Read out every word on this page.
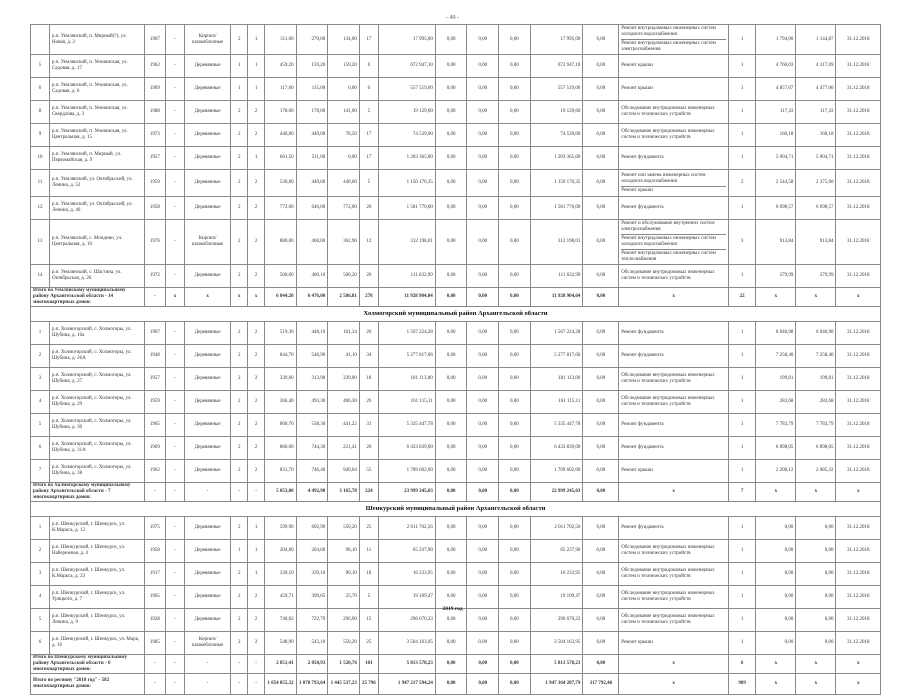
- 49 -
	р.п. Уемлянский, п. Мирный(?), ул. Новая, д. 2	1967	-	Кирпич/шлакоблочные	2	1	311,00	270,00	134,00	17	17 995,00	0,00	0,00	0,00	17 995,00	0,00	Ремонт внутридомовых инженерных систем холодного водоснабжения
Ремонт внутридомовых инженерных систем электроснабжения	1	1 794,00	1 144,87	31.12.2018
5	р.п. Уемлянский, п. Уемлянская, ул. Садовая, д. 17	1962	-	Деревянные	1	1	459,20	159,20	159,20	6	672 947,10	0,00	0,00	0,00	672 947,10	0,00	Ремонт крыши	1	4 760,03	4 317,69	31.12.2018
6	р.п. Уемлянский, п. Уемлянская, ул. Садовая, д. 6	1969	-	Деревянные	1	1	117,60	115,00	0,00	6	557 519,00	0,00	0,00	0,00	557 519,00	0,00	Ремонт крыши	1	4 857,67	4 477,00	31.12.2018
8	р.п. Уемлянский, п. Уемлянская, ул. Свердлова, д. 3	1988	-	Деревянные	2	2	178,00	178,00	141,00	5	19 129,60	0,00	0,00	0,00	19 129,60	0,00	Обследование внутридомовых инженерных систем и технических устройств	1	117,43	117,43	31.12.2018
9	р.п. Уемлянский, п. Уемлянская, ул. Центральная, д. 15	1973	-	Деревянные	2	2	440,00	440,00	78,50	17	74 539,00	0,00	0,00	0,00	74 539,00	0,00	Обследование внутридомовых инженерных систем и технических устройств	1	160,18	160,18	31.12.2018
10	р.п. Уемлянский, п. Мирный, ул. Первомайская, д. 9	1957	-	Деревянные	2	1	661,50	511,00	0,00	17	1 203 365,00	0,00	0,00	0,00	1 203 365,00	0,00	Ремонт фундамента	1	5 004,71	5 004,71	31.12.2018
11	р.п. Уемлянский, ул. Октябрьский, ул. Ленина, д. 52	1959	-	Деревянные	2	2	530,60	440,60	440,60	5	1 150 176,35	0,00	0,00	0,00	1 150 176,35	0,00	Ремонт или замена инженерных систем холодного водоснабжения
Ремонт крыши	2	2 544,58	2 375,60	31.12.2018
12	р.п. Уемлянский, ул. Октябрьский, ул. Ленина, д. 46	1958	-	Деревянные	2	2	772,00	646,00	772,00	20	1 581 770,00	0,00	0,00	0,00	1 581 770,00	0,00	Ремонт фундамента	1	6 698,57	6 698,57	31.12.2018
13	р.п. Уемлянский, с. Мондино, ул. Центральная, д. 10	1976	-	Кирпич/шлакоблочные	2	2	880,00	460,00	362,90	12	312 198,01	0,00	0,00	0,00	312 198,01	0,00	Ремонт и обслуживание внутренних систем электроснабжения
Ремонт внутридомовых инженерных систем холодного водоснабжения
Ремонт внутридомовых инженерных систем теплоснабжения	3	913,84	913,84	31.12.2018
14	р.п. Уемлянский, с. Шастина, ул. Октябрьская, д. 26	1972	-	Деревянные	2	2	500,00	400,10	500,20	26	111 632,99	0,00	0,00	0,00	111 632,99	0,00	Обследование внутридомовых инженерных систем и технических устройств	1	279,99	279,99	31.12.2018
Итого по Уемлянскому муниципальному району Архангельской области - 14 многоквартирных домов:		-	х	х	х	х	6 844,20	6 476,00	2 586,81	278	11 928 904,04	0,00	0,00	0,00	11 928 904,04	0,00	х	22	х	х	х
Холмогорский муниципальный район Архангельской области																					
1	р.п. Холмогорский, с. Холмогоры, ул. Шубина, д. 10а	1967	-	Деревянные	2	2	519,30	448,10	101,34	20	1 567 224,28	0,00	0,00	0,00	1 567 224,28	0,00	Ремонт фундамента	1	6 046,98	6 046,98	31.12.2018
2	р.п. Холмогорский, с. Холмогоры, ул. Шубина, д. 26А	1948	-	Деревянные	2	2	844,70	548,90	41,10	34	5 277 817,06	0,00	0,00	0,00	5 277 817,06	0,00	Ремонт фундамента	1	7 258,40	7 258,40	31.12.2018
3	р.п. Холмогорский, с. Холмогоры, ул. Шубина, д. 27	1957	-	Деревянные	2	2	339,00	313,90	339,00	18	181 113,00	0,00	0,00	0,00	181 113,00	0,00	Обследование внутридомовых инженерных систем и технических устройств	1	199,81	199,81	31.12.2018
4	р.п. Холмогорский, с. Холмогоры, ул. Шубина, д. 29	1959	-	Деревянные	2	2	366,40	493,30	406,30	26	161 115,11	0,00	0,00	0,00	161 115,11	0,00	Обследование внутридомовых инженерных систем и технических устройств	1	283,68	283,68	31.12.2018
5	р.п. Холмогорский, с. Холмогоры, ул. Шубина, д. 30	1965	-	Деревянные	2	2	800,70	538,30	441,22	31	5 335 447,78	0,00	0,00	0,00	5 335 447,78	0,00	Ремонт фундамента	1	7 783,79	7 783,79	31.12.2018
6	р.п. Холмогорский, с. Холмогоры, ул. Шубина, д. 31А	1969	-	Деревянные	2	2	866,00	744,30	221,41	20	6 433 839,00	0,00	0,00	0,00	6 433 839,00	0,00	Ремонт фундамента	1	6 898,05	6 898,05	31.12.2018
7	р.п. Холмогорский, с. Холмогоры, ул. Шубина, д. 38	1962	-	Деревянные	2	2	831,70	746,40	949,04	55	1 709 602,00	0,00	0,00	0,00	1 709 602,00	0,00	Ремонт крыши	1	2 200,12	2 085,32	31.12.2018
Итого по Холмогорскому муниципальному району Архангельской области - 7 многоквартирных домов:		-	-	-	-	-	5 053,00	4 492,90	3 165,78	224	23 999 245,03	0,00	0,00	0,00	22 999 245,03	0,00	х	7	х	х	х
Шенкурский муниципальный район Архангельской области																					
1	р.п. Шенкурский, г. Шенкурск, ул. К.Маркса, д. 12	1975	-	Деревянные	2	1	599,90	602,90	550,20	25	2 011 702,56	0,00	0,00	0,00	2 011 702,56	0,00	Ремонт фундамента	1	0,00	0,00	31.12.2018
2	р.п. Шенкурский, г. Шенкурск, ул. Набережная, д. 4	1958	-	Деревянные	1	1	204,60	204,60	98,10	11	65 237,90	0,00	0,00	0,00	65 237,90	0,00	Обследование внутридомовых инженерных систем и технических устройств	1	0,00	0,00	31.12.2018
3	р.п. Шенкурский, г. Шенкурск, ул. К.Маркса, д. 23	1917	-	Деревянные	2	1	339,10	339,10	90,10	18	16 233,95	0,00	0,00	0,00	16 233,95	0,00	Обследование внутридомовых инженерных систем и технических устройств	1	0,00	0,00	31.12.2018
4	р.п. Шенкурский, г. Шенкурск, ул. Урицкого, д. 7	1965	-	Деревянные	2	2	459,71	399,65	25,70	5	19 109,47	0,00	0,00	0,00	19 109,47	0,00	Обследование внутридомовых инженерных систем и технических устройств	1	0,00	0,00	31.12.2018
5	р.п. Шенкурский, г. Шенкурск, ул. Ленина, д. 9	1928	-	Деревянные	2	2	740,02	722,79	296,90	15	296 670,23	0,00	0,00	0,00	296 670,23	0,00	Обследование внутридомовых инженерных систем и технических устройств	1	0,00	0,00	31.12.2018
6	р.п. Шенкурский, г. Шенкурск, ул. Марк, д. 16	1985	-	Кирпич/шлакоблочные	2	2	548,90	543,10	550,20	25	3 504 163,95	0,00	0,00	0,00	3 504 163,95	0,00	Ремонт крыши	1	0,00	0,00	31.12.2018
Итого по Шенкурскому муниципальному району Архангельской области - 6 многоквартирных домов:		-	-	-	-	-	2 851,41	2 850,93	1 520,76	101	5 813 578,23	0,00	0,00	0,00	5 813 578,23	0,00	х	6	х	х	х
Итого по региону "2018 год" - 582 многоквартирных домов:		-	-	-	-	-	1 054 855,32	1 070 793,64	1 445 537,23	25 796	1 947 217 594,24	0,00	0,00	0,00	1 947 364 287,79	317 792,46	х	909	х	х	х
2019 год
